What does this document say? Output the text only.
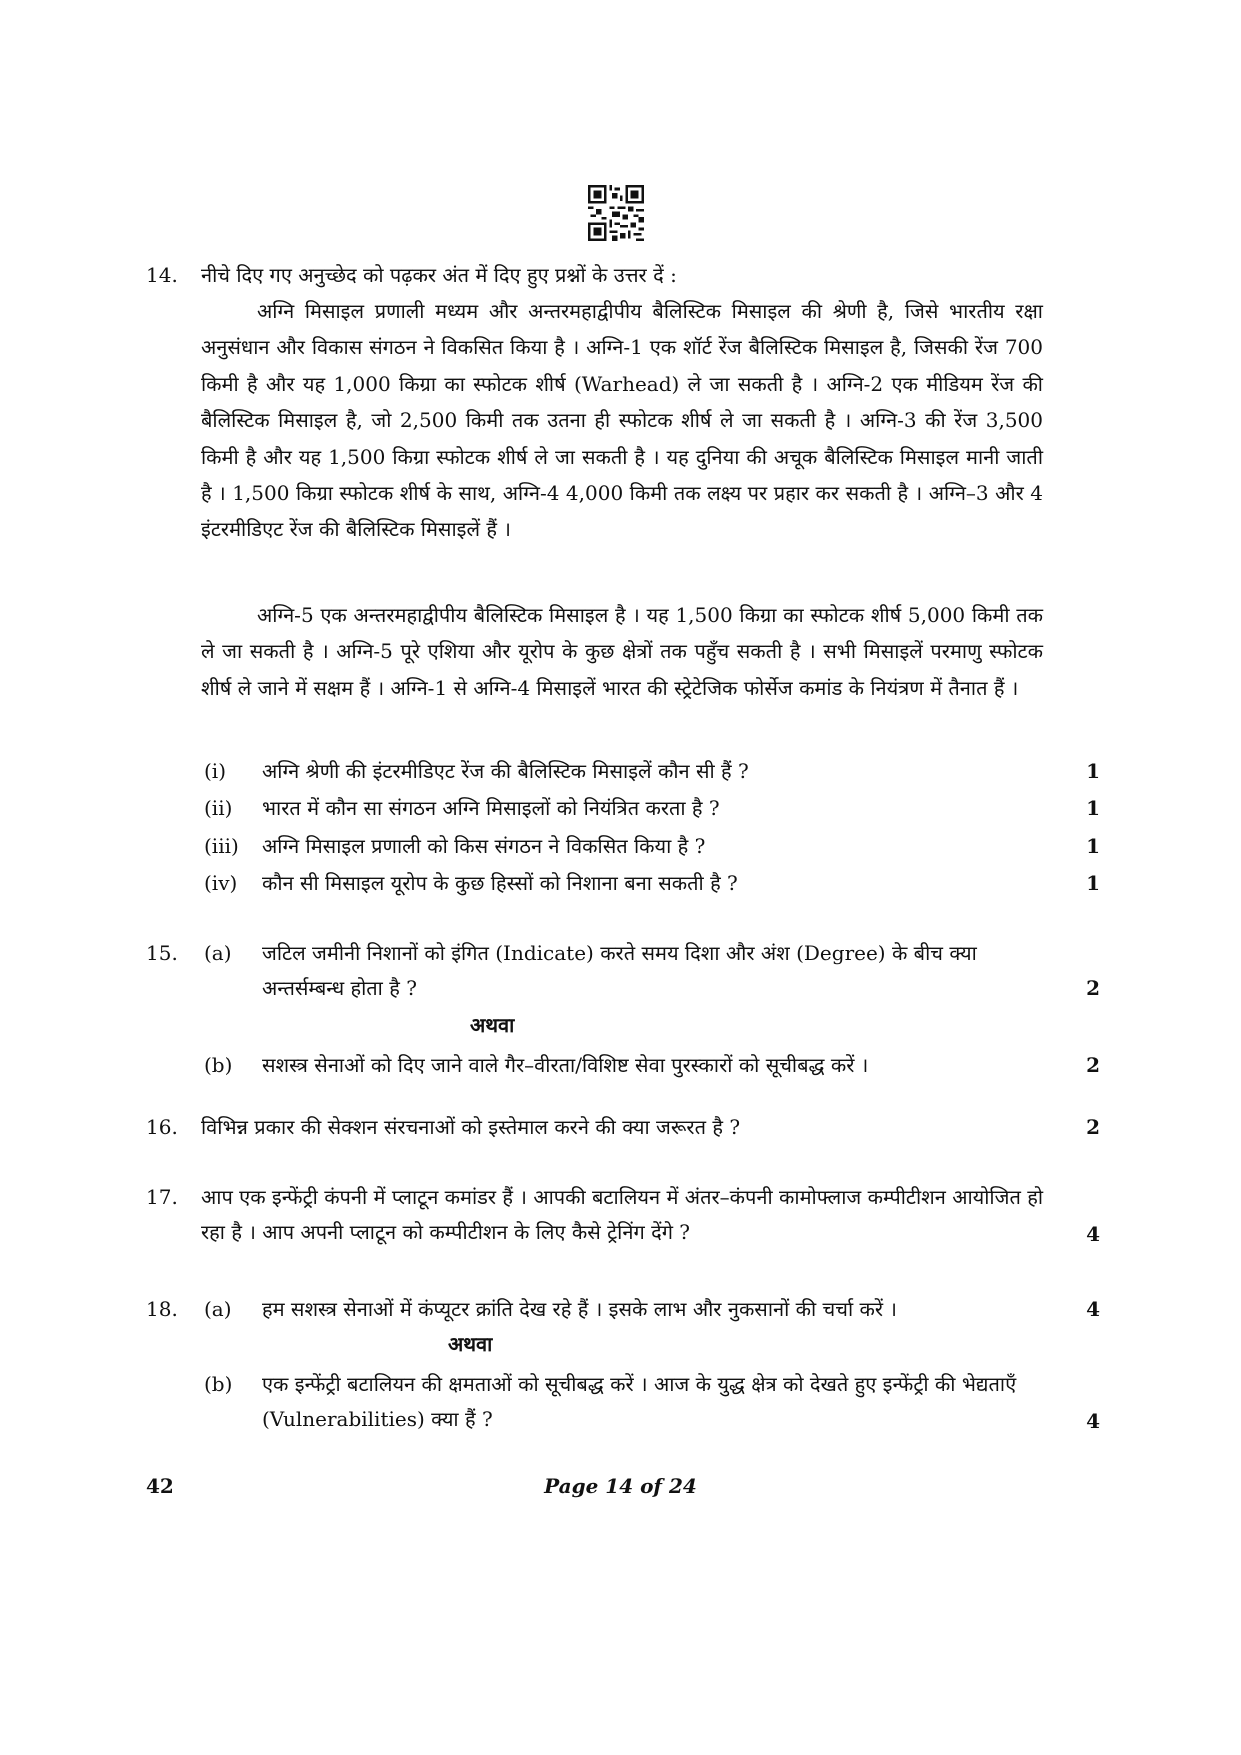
14.	नीचे दिए गए अनुच्छेद को पढ़कर अंत में दिए हुए प्रश्नों के उत्तर दें :
अग्नि मिसाइल प्रणाली मध्यम और अन्तरमहाद्वीपीय बैलिस्टिक मिसाइल की श्रेणी है, जिसे भारतीय रक्षा अनुसंधान और विकास संगठन ने विकसित किया है । अग्नि-1 एक शॉर्ट रेंज बैलिस्टिक मिसाइल है, जिसकी रेंज 700 किमी है और यह 1,000 किग्रा का स्फोटक शीर्ष (Warhead) ले जा सकती है । अग्नि-2 एक मीडियम रेंज की बैलिस्टिक मिसाइल है, जो 2,500 किमी तक उतना ही स्फोटक शीर्ष ले जा सकती है । अग्नि-3 की रेंज 3,500 किमी है और यह 1,500 किग्रा स्फोटक शीर्ष ले जा सकती है । यह दुनिया की अचूक बैलिस्टिक मिसाइल मानी जाती है । 1,500 किग्रा स्फोटक शीर्ष के साथ, अग्नि-4 4,000 किमी तक लक्ष्य पर प्रहार कर सकती है । अग्नि–3 और 4 इंटरमीडिएट रेंज की बैलिस्टिक मिसाइलें हैं ।
अग्नि-5 एक अन्तरमहाद्वीपीय बैलिस्टिक मिसाइल है । यह 1,500 किग्रा का स्फोटक शीर्ष 5,000 किमी तक ले जा सकती है । अग्नि-5 पूरे एशिया और यूरोप के कुछ क्षेत्रों तक पहुँच सकती है । सभी मिसाइलें परमाणु स्फोटक शीर्ष ले जाने में सक्षम हैं । अग्नि-1 से अग्नि-4 मिसाइलें भारत की स्ट्रेटेजिक फोर्सेज कमांड के नियंत्रण में तैनात हैं ।
(i)	अग्नि श्रेणी की इंटरमीडिएट रेंज की बैलिस्टिक मिसाइलें कौन सी हैं ?	1
(ii)	भारत में कौन सा संगठन अग्नि मिसाइलों को नियंत्रित करता है ?	1
(iii) अग्नि मिसाइल प्रणाली को किस संगठन ने विकसित किया है ?	1
(iv)	कौन सी मिसाइल यूरोप के कुछ हिस्सों को निशाना बना सकती है ?	1
15.	(a)	जटिल जमीनी निशानों को इंगित (Indicate) करते समय दिशा और अंश (Degree) के बीच क्या अन्तर्सम्बन्ध होता है ?	2
अथवा
(b)	सशस्त्र सेनाओं को दिए जाने वाले गैर–वीरता/विशिष्ट सेवा पुरस्कारों को सूचीबद्ध करें ।	2
16.	विभिन्न प्रकार की सेक्शन संरचनाओं को इस्तेमाल करने की क्या जरूरत है ?	2
17.	आप एक इन्फेंट्री कंपनी में प्लाटून कमांडर हैं । आपकी बटालियन में अंतर–कंपनी कामोफ्लाज कम्पीटीशन आयोजित हो रहा है । आप अपनी प्लाटून को कम्पीटीशन के लिए कैसे ट्रेनिंग देंगे ?	4
18.	(a)	हम सशस्त्र सेनाओं में कंप्यूटर क्रांति देख रहे हैं । इसके लाभ और नुकसानों की चर्चा करें ।	4
अथवा
(b)	एक इन्फेंट्री बटालियन की क्षमताओं को सूचीबद्ध करें । आज के युद्ध क्षेत्र को देखते हुए इन्फेंट्री की भेद्यताएँ (Vulnerabilities) क्या हैं ?	4
42	Page 14 of 24
